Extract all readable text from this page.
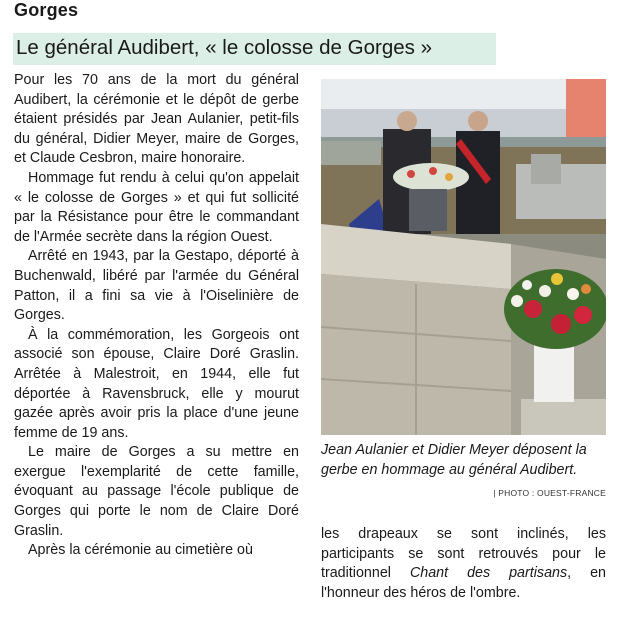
Gorges
Le général Audibert, « le colosse de Gorges »

Pour les 70 ans de la mort du général Audibert, la cérémonie et le dépôt de gerbe étaient présidés par Jean Aulanier, petit-fils du général, Didier Meyer, maire de Gorges, et Claude Cesbron, maire honoraire.

Hommage fut rendu à celui qu'on appelait « le colosse de Gorges » et qui fut sollicité par la Résistance pour être le commandant de l'Armée secrète dans la région Ouest.

Arrêté en 1943, par la Gestapo, déporté à Buchenwald, libéré par l'armée du Général Patton, il a fini sa vie à l'Oiselinière de Gorges.

À la commémoration, les Gorgeois ont associé son épouse, Claire Doré Graslin. Arrêtée à Malestroit, en 1944, elle fut déportée à Ravensbruck, elle y mourut gazée après avoir pris la place d'une jeune femme de 19 ans.

Le maire de Gorges a su mettre en exergue l'exemplarité de cette famille, évoquant au passage l'école publique de Gorges qui porte le nom de Claire Doré Graslin.

Après la cérémonie au cimetière où

Jean Aulanier et Didier Meyer déposent la gerbe en hommage au général Audibert.

| PHOTO : OUEST-FRANCE

les drapeaux se sont inclinés, les participants se sont retrouvés pour le traditionnel Chant des partisans, en l'honneur des héros de l'ombre.
